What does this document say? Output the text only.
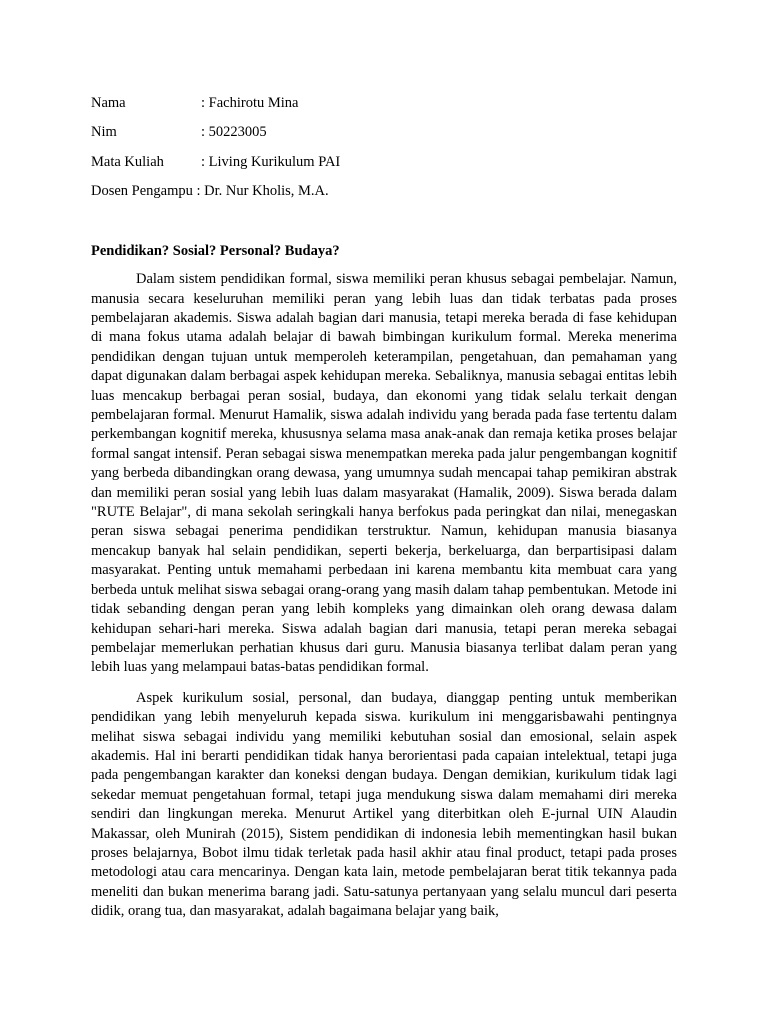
Nama	: Fachirotu Mina
Nim	: 50223005
Mata Kuliah	: Living Kurikulum PAI
Dosen Pengampu : Dr. Nur Kholis, M.A.
Pendidikan? Sosial? Personal? Budaya?

Dalam sistem pendidikan formal, siswa memiliki peran khusus sebagai pembelajar. Namun, manusia secara keseluruhan memiliki peran yang lebih luas dan tidak terbatas pada proses pembelajaran akademis. Siswa adalah bagian dari manusia, tetapi mereka berada di fase kehidupan di mana fokus utama adalah belajar di bawah bimbingan kurikulum formal. Mereka menerima pendidikan dengan tujuan untuk memperoleh keterampilan, pengetahuan, dan pemahaman yang dapat digunakan dalam berbagai aspek kehidupan mereka. Sebaliknya, manusia sebagai entitas lebih luas mencakup berbagai peran sosial, budaya, dan ekonomi yang tidak selalu terkait dengan pembelajaran formal. Menurut Hamalik, siswa adalah individu yang berada pada fase tertentu dalam perkembangan kognitif mereka, khususnya selama masa anak-anak dan remaja ketika proses belajar formal sangat intensif. Peran sebagai siswa menempatkan mereka pada jalur pengembangan kognitif yang berbeda dibandingkan orang dewasa, yang umumnya sudah mencapai tahap pemikiran abstrak dan memiliki peran sosial yang lebih luas dalam masyarakat (Hamalik, 2009). Siswa berada dalam "RUTE Belajar", di mana sekolah seringkali hanya berfokus pada peringkat dan nilai, menegaskan peran siswa sebagai penerima pendidikan terstruktur. Namun, kehidupan manusia biasanya mencakup banyak hal selain pendidikan, seperti bekerja, berkeluarga, dan berpartisipasi dalam masyarakat. Penting untuk memahami perbedaan ini karena membantu kita membuat cara yang berbeda untuk melihat siswa sebagai orang-orang yang masih dalam tahap pembentukan. Metode ini tidak sebanding dengan peran yang lebih kompleks yang dimainkan oleh orang dewasa dalam kehidupan sehari-hari mereka. Siswa adalah bagian dari manusia, tetapi peran mereka sebagai pembelajar memerlukan perhatian khusus dari guru. Manusia biasanya terlibat dalam peran yang lebih luas yang melampaui batas-batas pendidikan formal.

Aspek kurikulum sosial, personal, dan budaya, dianggap penting untuk memberikan pendidikan yang lebih menyeluruh kepada siswa. kurikulum ini menggarisbawahi pentingnya melihat siswa sebagai individu yang memiliki kebutuhan sosial dan emosional, selain aspek akademis. Hal ini berarti pendidikan tidak hanya berorientasi pada capaian intelektual, tetapi juga pada pengembangan karakter dan koneksi dengan budaya. Dengan demikian, kurikulum tidak lagi sekedar memuat pengetahuan formal, tetapi juga mendukung siswa dalam memahami diri mereka sendiri dan lingkungan mereka. Menurut Artikel yang diterbitkan oleh E-jurnal UIN Alaudin Makassar, oleh Munirah (2015), Sistem pendidikan di indonesia lebih mementingkan hasil bukan proses belajarnya, Bobot ilmu tidak terletak pada hasil akhir atau final product, tetapi pada proses metodologi atau cara mencarinya. Dengan kata lain, metode pembelajaran berat titik tekannya pada meneliti dan bukan menerima barang jadi. Satu-satunya pertanyaan yang selalu muncul dari peserta didik, orang tua, dan masyarakat, adalah bagaimana belajar yang baik,
